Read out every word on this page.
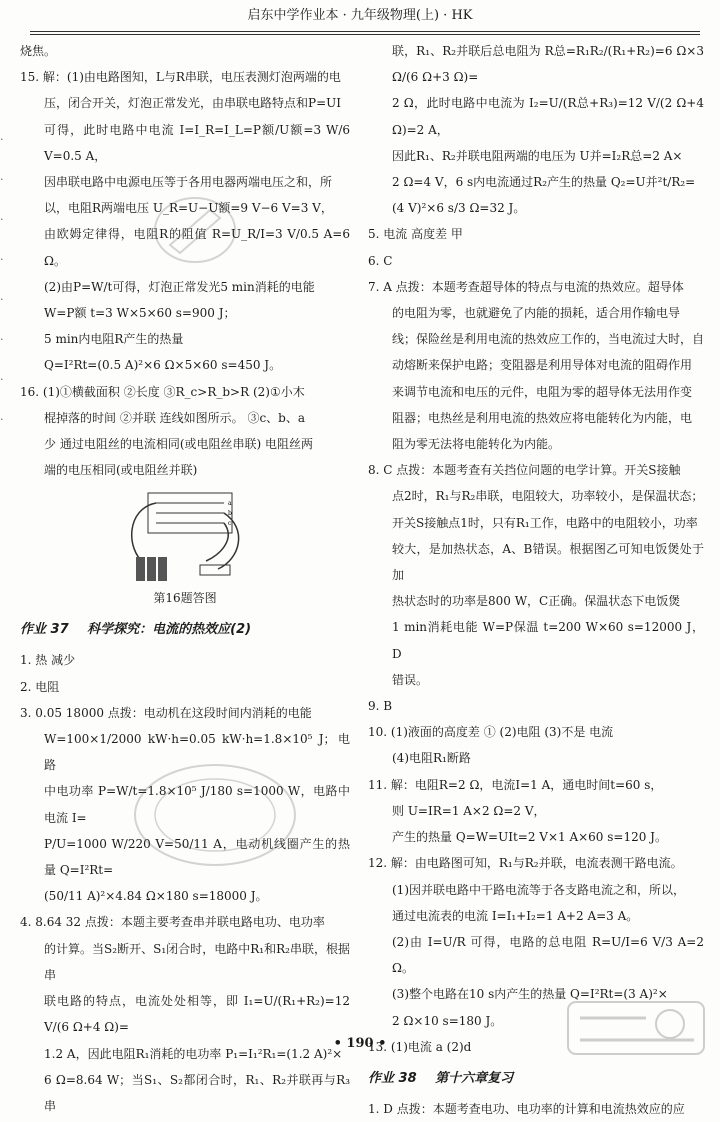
启东中学作业本 · 九年级物理(上) · HK
·
·
·
·
·
·
·
·

烧焦。

15. 解：(1)由电路图知，L与R串联，电压表测灯泡两端的电

压，闭合开关，灯泡正常发光，由串联电路特点和P=UI

可得，此时电路中电流 I=I_R=I_L=P额/U额=3 W/6 V=0.5 A，

因串联电路中电源电压等于各用电器两端电压之和，所

以，电阻R两端电压 U_R=U−U额=9 V−6 V=3 V，

由欧姆定律得，电阻R的阻值 R=U_R/I=3 V/0.5 A=6 Ω。

(2)由P=W/t可得，灯泡正常发光5 min消耗的电能

W=P额 t=3 W×5×60 s=900 J；

5 min内电阻R产生的热量

Q=I²Rt=(0.5 A)²×6 Ω×5×60 s=450 J。

16. (1)①横截面积 ②长度 ③R_c>R_b>R (2)①小木

棍掉落的时间 ②并联 连线如图所示。 ③c、b、a

少 通过电阻丝的电流相同(或电阻丝串联) 电阻丝两

端的电压相同(或电阻丝并联)

a
b
c
第16题答图
作业 37 科学探究：电流的热效应(2)

1. 热 减少

2. 电阻

3. 0.05 18000 点拨：电动机在这段时间内消耗的电能

W=100×1/2000 kW·h=0.05 kW·h=1.8×10⁵ J；电路

中电功率 P=W/t=1.8×10⁵ J/180 s=1000 W，电路中电流 I=

P/U=1000 W/220 V=50/11 A，电动机线圈产生的热量 Q=I²Rt=

(50/11 A)²×4.84 Ω×180 s=18000 J。

4. 8.64 32 点拨：本题主要考查串并联电路电功、电功率

的计算。当S₂断开、S₁闭合时，电路中R₁和R₂串联，根据串

联电路的特点，电流处处相等，即 I₁=U/(R₁+R₂)=12 V/(6 Ω+4 Ω)=

1.2 A，因此电阻R₁消耗的电功率 P₁=I₁²R₁=(1.2 A)²×

6 Ω=8.64 W；当S₁、S₂都闭合时，R₁、R₂并联再与R₃串

联，R₁、R₂并联后总电阻为 R总=R₁R₂/(R₁+R₂)=6 Ω×3 Ω/(6 Ω+3 Ω)=

2 Ω，此时电路中电流为 I₂=U/(R总+R₃)=12 V/(2 Ω+4 Ω)=2 A，

因此R₁、R₂并联电阻两端的电压为 U并=I₂R总=2 A×

2 Ω=4 V，6 s内电流通过R₂产生的热量 Q₂=U并²t/R₂=

(4 V)²×6 s/3 Ω=32 J。

5. 电流 高度差 甲

6. C

7. A 点拨：本题考查超导体的特点与电流的热效应。超导体

的电阻为零，也就避免了内能的损耗，适合用作输电导

线；保险丝是利用电流的热效应工作的，当电流过大时，自

动熔断来保护电路；变阻器是利用导体对电流的阻碍作用

来调节电流和电压的元件，电阻为零的超导体无法用作变

阻器；电热丝是利用电流的热效应将电能转化为内能，电

阻为零无法将电能转化为内能。

8. C 点拨：本题考查有关挡位问题的电学计算。开关S接触

点2时，R₁与R₂串联，电阻较大，功率较小，是保温状态；

开关S接触点1时，只有R₁工作，电路中的电阻较小，功率

较大，是加热状态，A、B错误。根据图乙可知电饭煲处于加

热状态时的功率是800 W，C正确。保温状态下电饭煲

1 min消耗电能 W=P保温 t=200 W×60 s=12000 J，D

错误。

9. B

10. (1)液面的高度差 ① (2)电阻 (3)不是 电流

(4)电阻R₁断路

11. 解：电阻R=2 Ω，电流I=1 A，通电时间t=60 s，

则 U=IR=1 A×2 Ω=2 V，

产生的热量 Q=W=UIt=2 V×1 A×60 s=120 J。

12. 解：由电路图可知，R₁与R₂并联，电流表测干路电流。

(1)因并联电路中干路电流等于各支路电流之和，所以，

通过电流表的电流 I=I₁+I₂=1 A+2 A=3 A。

(2)由 I=U/R 可得，电路的总电阻 R=U/I=6 V/3 A=2 Ω。

(3)整个电路在10 s内产生的热量 Q=I²Rt=(3 A)²×

2 Ω×10 s=180 J。

13. (1)电流 a (2)d

作业 38 第十六章复习

1. D 点拨：本题考查电功、电功率的计算和电流热效应的应

• 190 •
